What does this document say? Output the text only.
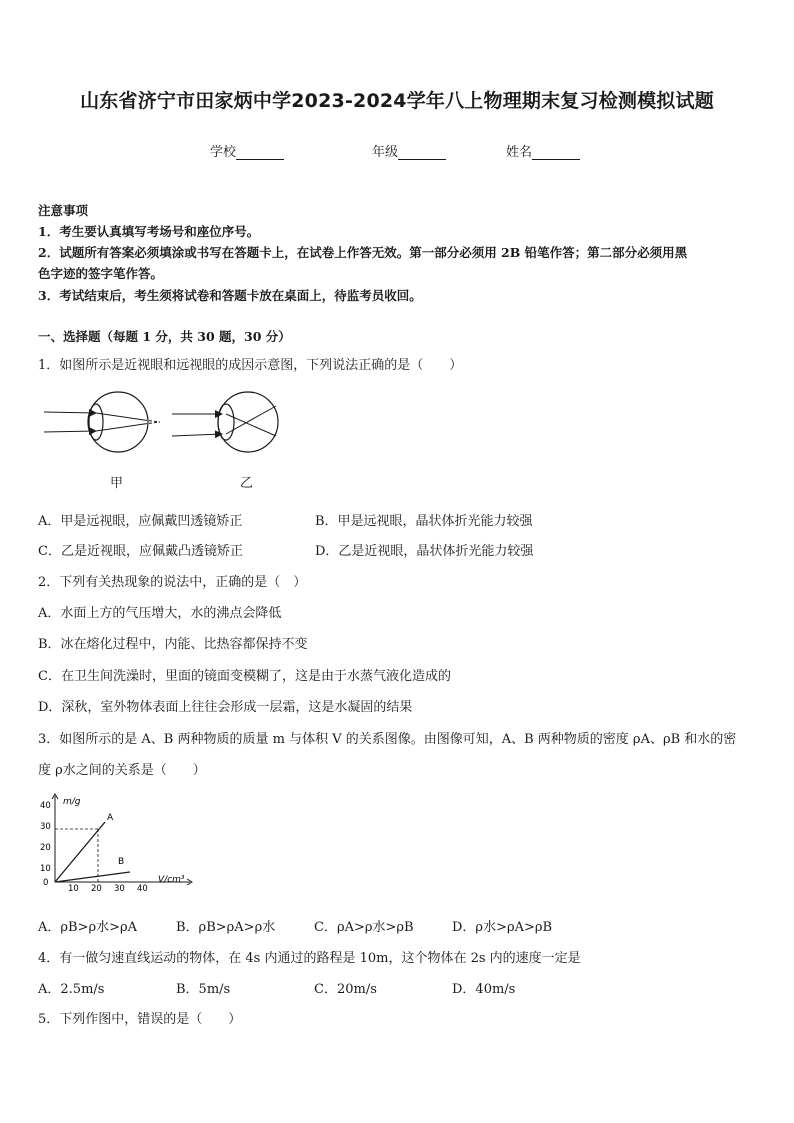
山东省济宁市田家炳中学2023-2024学年八上物理期末复习检测模拟试题
学校	年级	姓名
注意事项
1．考生要认真填写考场号和座位序号。
2．试题所有答案必须填涂或书写在答题卡上，在试卷上作答无效。第一部分必须用 2B 铅笔作答；第二部分必须用黑
色字迹的签字笔作答。
3．考试结束后，考生须将试卷和答题卡放在桌面上，待监考员收回。
一、选择题（每题 1 分，共 30 题，30 分）
1．如图所示是近视眼和远视眼的成因示意图，下列说法正确的是（　　）
甲	乙
A．甲是远视眼，应佩戴凹透镜矫正	B．甲是远视眼，晶状体折光能力较强
C．乙是近视眼，应佩戴凸透镜矫正	D．乙是近视眼，晶状体折光能力较强
2．下列有关热现象的说法中，正确的是（　）
A．水面上方的气压增大，水的沸点会降低
B．冰在熔化过程中，内能、比热容都保持不变
C．在卫生间洗澡时，里面的镜面变模糊了，这是由于水蒸气液化造成的
D．深秋，室外物体表面上往往会形成一层霜，这是水凝固的结果
3．如图所示的是 A、B 两种物质的质量 m 与体积 V 的关系图像。由图像可知，A、B 两种物质的密度 ρA、ρB 和水的密
度 ρ水之间的关系是（　　）
40
30
20
10
0
10 20 30 40
m/g
V/cm³
A
B
A．ρB>ρ水>ρA	B．ρB>ρA>ρ水	C．ρA>ρ水>ρB	D．ρ水>ρA>ρB
4．有一做匀速直线运动的物体，在 4s 内通过的路程是 10m，这个物体在 2s 内的速度一定是
A．2.5m/s	B．5m/s	C．20m/s	D．40m/s
5．下列作图中，错误的是（　　）
